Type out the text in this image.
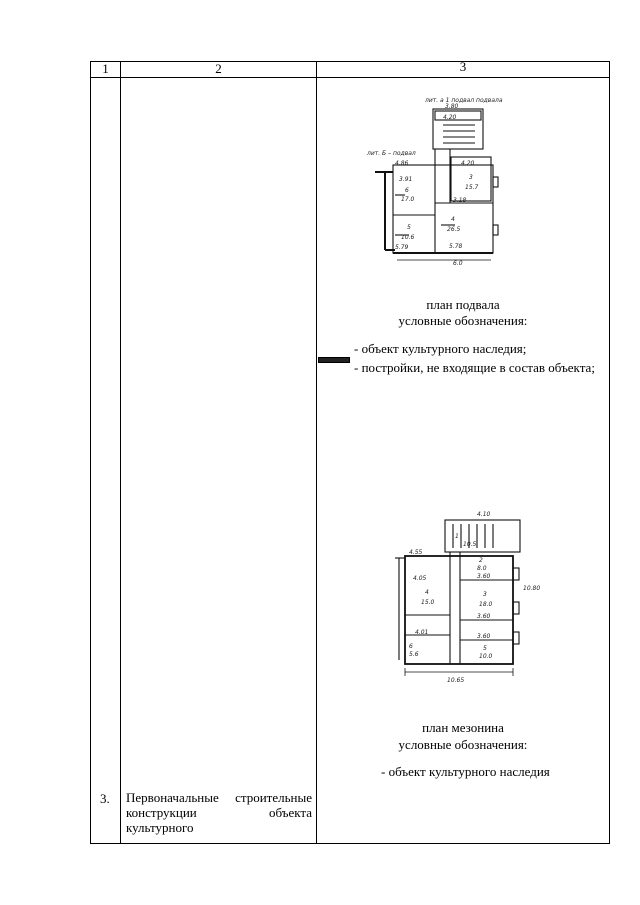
1	2	3
3. Первоначальные строительные конструкции объекта культурного
лит. а 1 подвал подвала
лит. Б – подвал
3.80
4.20
4.86
3.91
3.18
5.78
6.0
4.20
5.79
6
17.0
5
10.6
3
15.7
4
26.5
план подвала
условные обозначения:
- объект культурного наследия;
- постройки, не входящие в состав объекта;
4.10
4.55
4.05
4.01
3.60
3.60
3.60
10.65
10.80
1
10.5
2
8.0
4
15.0
3
18.0
6
5.6
5
10.0
план мезонина
условные обозначения:
- объект культурного наследия
